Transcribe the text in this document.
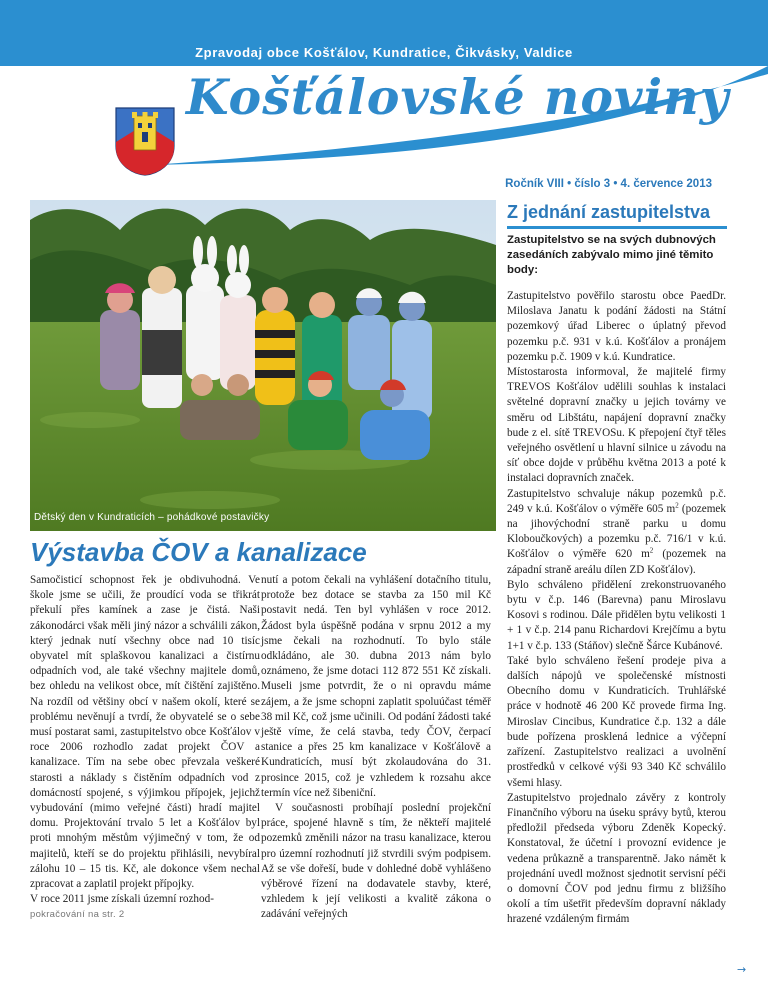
Zpravodaj obce Košťálov, Kundratice, Čikvásky, Valdice
Košťálovské noviny
Ročník VIII • číslo 3 • 4. července 2013
Dětský den v Kundraticích – pohádkové postavičky
Z jednání zastupitelstva
Zastupitelstvo se na svých dubnových zasedáních zabývalo mimo jiné těmito body:

Zastupitelstvo pověřilo starostu obce PaedDr. Miloslava Janatu k podání žádosti na Státní pozemkový úřad Liberec o úplatný převod pozemku p.č. 931 v k.ú. Košťálov a pronájem pozemku p.č. 1909 v k.ú. Kundratice.

Místostarosta informoval, že majitelé firmy TREVOS Košťálov udělili souhlas k instalaci světelné dopravní značky u jejich továrny ve směru od Libštátu, napájení dopravní značky bude z el. sítě TREVOSu. K přepojení čtyř těles veřejného osvětlení u hlavní silnice u závodu na síť obce dojde v průběhu května 2013 a poté k instalaci dopravních značek.

Zastupitelstvo schvaluje nákup pozemků p.č. 249 v k.ú. Košťálov o výměře 605 $m^2$ (pozemek na jihovýchodní straně parku u domu Kloboučkových) a pozemku p.č. 716/1 v k.ú. Košťálov o výměře 620 $m^2$ (pozemek na západní straně areálu dílen ZD Košťálov).

Bylo schváleno přidělení zrekonstruovaného bytu v č.p. 146 (Barevna) panu Miroslavu Kosovi s rodinou. Dále přidělen bytu velikosti 1 + 1 v č.p. 214 panu Richardovi Krejčímu a bytu 1+1 v č.p. 133 (Stáňov) slečně Šárce Kubánové.

Také bylo schváleno řešení prodeje piva a dalších nápojů ve společenské místnosti Obecního domu v Kundraticích. Truhlářské práce v hodnotě 46 200 Kč provede firma Ing. Miroslav Cincibus, Kundratice č.p. 132 a dále bude pořízena prosklená lednice a výčepní zařízení. Zastupitelstvo realizaci a uvolnění prostředků v celkové výši 93 340 Kč schválilo všemi hlasy.

Zastupitelstvo projednalo závěry z kontroly Finančního výboru na úseku správy bytů, kterou předložil předseda výboru Zdeněk Kopecký. Konstatoval, že účetní i provozní evidence je vedena průkazně a transparentně. Jako námět k projednání uvedl možnost sjednotit servisní péči o domovní ČOV pod jednu firmu z bližšího okolí a tím ušetřit především dopravní náklady hrazené vzdáleným firmám

→
Výstavba ČOV a kanalizace

Samočisticí schopnost řek je obdivuhodná. Ve škole jsme se učili, že proudící voda se třikrát překulí přes kamínek a zase je čistá. Naši zákonodárci však měli jiný názor a schválili zákon, který jednak nutí všechny obce nad 10 tisíc obyvatel mít splaškovou kanalizaci a čistírnu odpadních vod, ale také všechny majitele domů, bez ohledu na velikost obce, mít čištění zajištěno. Na rozdíl od většiny obcí v našem okolí, které se problému nevěnují a tvrdí, že obyvatelé se o sebe musí postarat sami, zastupitelstvo obce Košťálov v roce 2006 rozhodlo zadat projekt ČOV a kanalizace. Tím na sebe obec převzala veškeré starosti a náklady s čistěním odpadních vod z domácností spojené, s výjimkou přípojek, jejichž vybudování (mimo veřejné části) hradí majitel domu. Projektování trvalo 5 let a Košťálov byl proti mnohým městům výjimečný v tom, že od majitelů, kteří se do projektu přihlásili, nevybíral zálohu 10 – 15 tis. Kč, ale dokonce všem nechal zpracovat a zaplatil projekt přípojky.

V roce 2011 jsme získali územní rozhod-

pokračování na str. 2

nutí a potom čekali na vyhlášení dotačního titulu, protože bez dotace se stavba za 150 mil Kč postavit nedá. Ten byl vyhlášen v roce 2012. Žádost byla úspěšně podána v srpnu 2012 a my jsme čekali na rozhodnutí. To bylo stále odkládáno, ale 30. dubna 2013 nám bylo oznámeno, že jsme dotaci 112 872 551 Kč získali. Museli jsme potvrdit, že o ni opravdu máme zájem, a že jsme schopni zaplatit spoluúčast téměř 38 mil Kč, což jsme učinili. Od podání žádosti také ještě víme, že celá stavba, tedy ČOV, čerpací stanice a přes 25 km kanalizace v Košťálově a Kundraticích, musí být zkolaudována do 31. prosince 2015, což je vzhledem k rozsahu akce termín více než šibeniční.

V současnosti probíhají poslední projekční práce, spojené hlavně s tím, že někteří majitelé pozemků změnili názor na trasu kanalizace, kterou pro územní rozhodnutí již stvrdili svým podpisem. Až se vše dořeší, bude v dohledné době vyhlášeno výběrové řízení na dodavatele stavby, které, vzhledem k její velikosti a kvalitě zákona o zadávání veřejných
